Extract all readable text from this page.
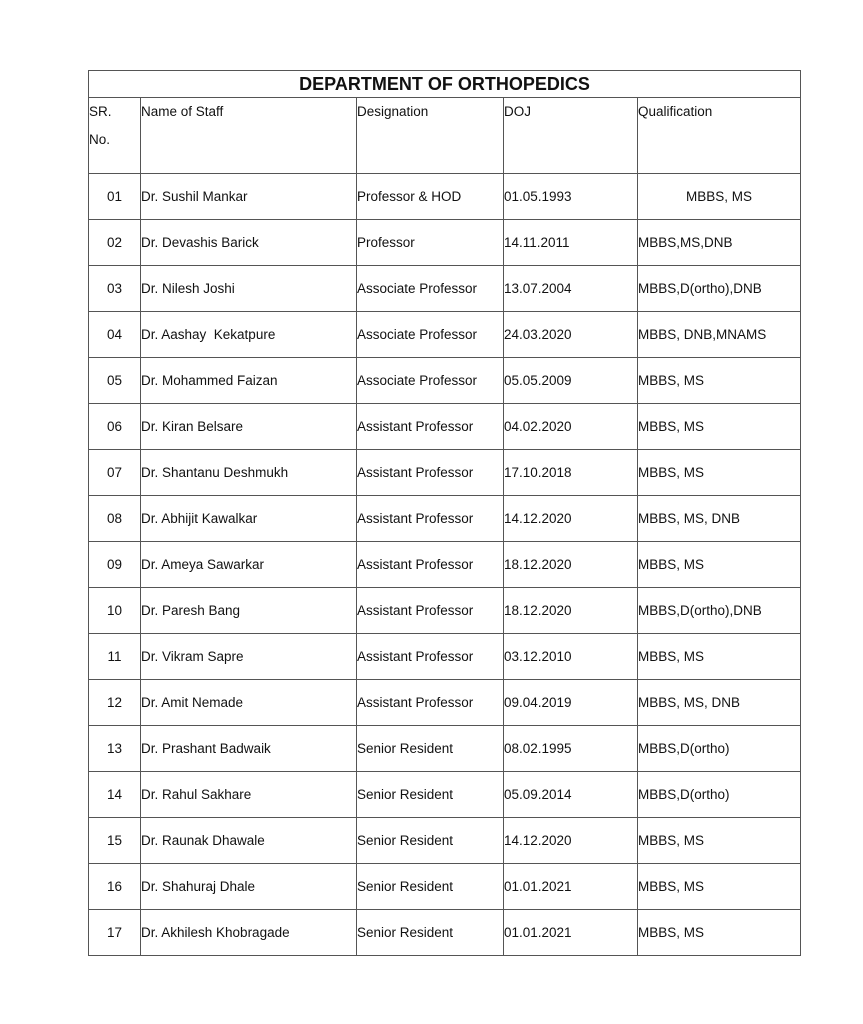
DEPARTMENT OF ORTHOPEDICS				
SR.
No.	Name of Staff	Designation	DOJ	Qualification
01	Dr. Sushil Mankar	Professor & HOD	01.05.1993	MBBS, MS
02	Dr. Devashis Barick	Professor	14.11.2011	MBBS,MS,DNB
03	Dr. Nilesh Joshi	Associate Professor	13.07.2004	MBBS,D(ortho),DNB
04	Dr. Aashay  Kekatpure	Associate Professor	24.03.2020	MBBS, DNB,MNAMS
05	Dr. Mohammed Faizan	Associate Professor	05.05.2009	MBBS, MS
06	Dr. Kiran Belsare	Assistant Professor	04.02.2020	MBBS, MS
07	Dr. Shantanu Deshmukh	Assistant Professor	17.10.2018	MBBS, MS
08	Dr. Abhijit Kawalkar	Assistant Professor	14.12.2020	MBBS, MS, DNB
09	Dr. Ameya Sawarkar	Assistant Professor	18.12.2020	MBBS, MS
10	Dr. Paresh Bang	Assistant Professor	18.12.2020	MBBS,D(ortho),DNB
11	Dr. Vikram Sapre	Assistant Professor	03.12.2010	MBBS, MS
12	Dr. Amit Nemade	Assistant Professor	09.04.2019	MBBS, MS, DNB
13	Dr. Prashant Badwaik	Senior Resident	08.02.1995	MBBS,D(ortho)
14	Dr. Rahul Sakhare	Senior Resident	05.09.2014	MBBS,D(ortho)
15	Dr. Raunak Dhawale	Senior Resident	14.12.2020	MBBS, MS
16	Dr. Shahuraj Dhale	Senior Resident	01.01.2021	MBBS, MS
17	Dr. Akhilesh Khobragade	Senior Resident	01.01.2021	MBBS, MS
